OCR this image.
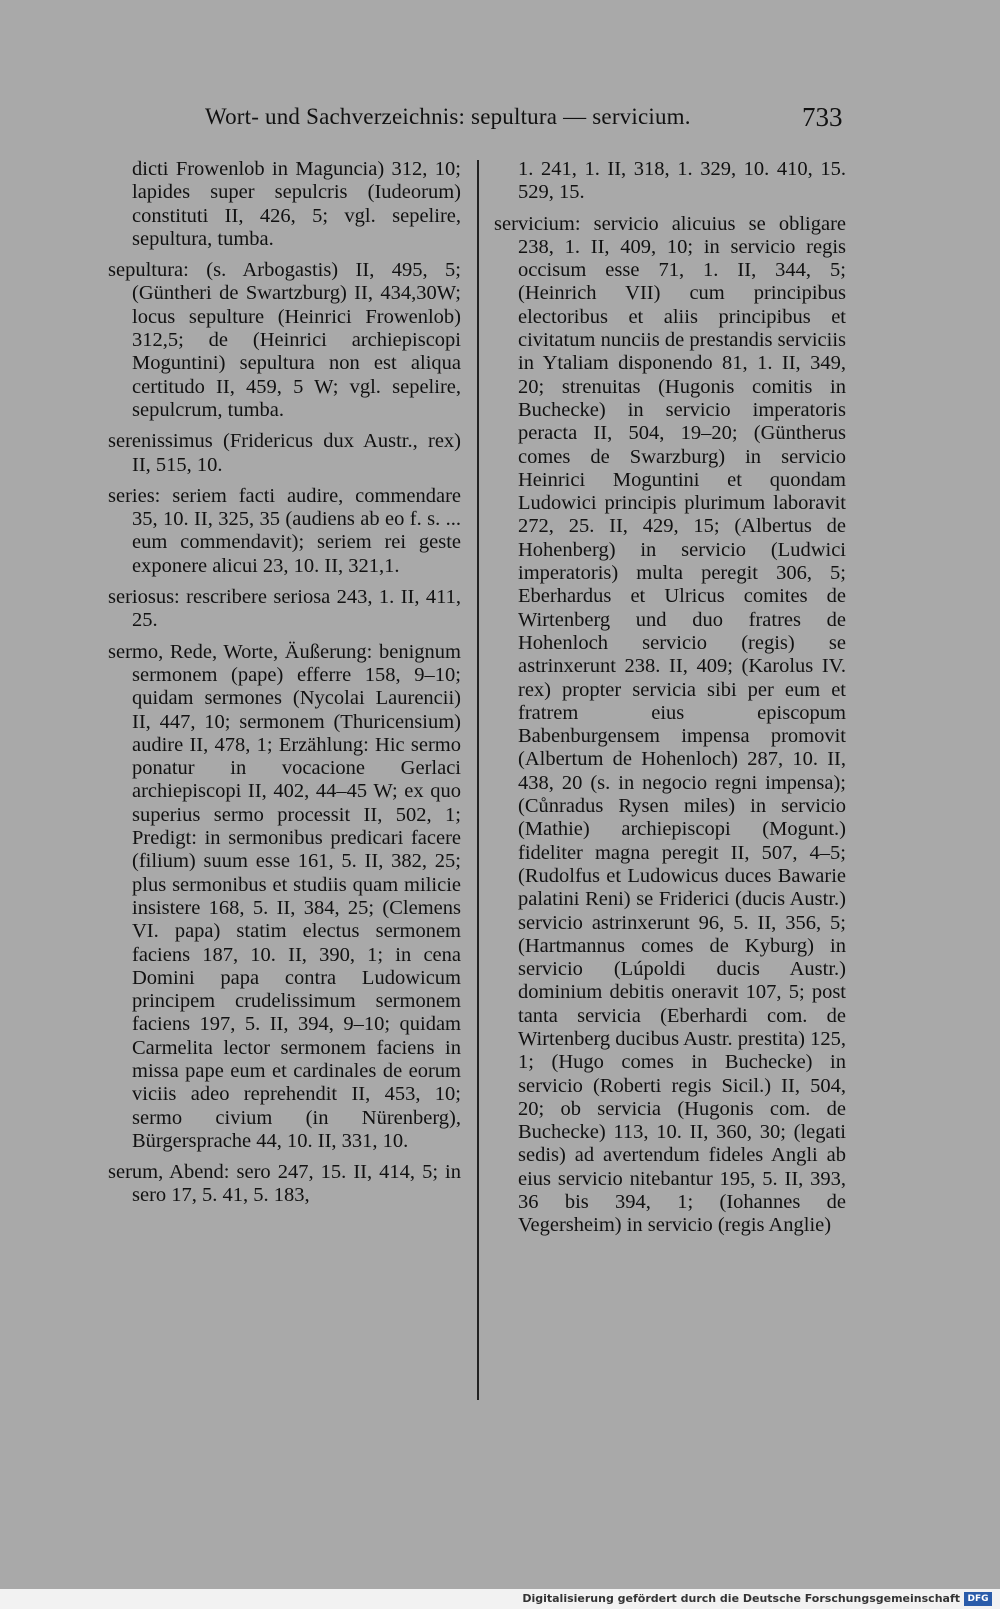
Wort- und Sachverzeichnis: sepultura — servicium.	733

dicti Frowenlob in Maguncia) 312, 10; lapides super sepulcris (Iudeorum) constituti II, 426, 5; vgl. sepelire, sepultura, tumba.

sepultura: (s. Arbogastis) II, 495, 5; (Güntheri de Swartzburg) II, 434,30W; locus sepulture (Heinrici Frowenlob) 312,5; de (Heinrici archiepiscopi Moguntini) sepultura non est aliqua certitudo II, 459, 5 W; vgl. sepelire, sepulcrum, tumba.

serenissimus (Fridericus dux Austr., rex) II, 515, 10.

series: seriem facti audire, commendare 35, 10. II, 325, 35 (audiens ab eo f. s. ... eum commendavit); seriem rei geste exponere alicui 23, 10. II, 321,1.

seriosus: rescribere seriosa 243, 1. II, 411, 25.

sermo, Rede, Worte, Äußerung: benignum sermonem (pape) efferre 158, 9–10; quidam sermones (Nycolai Laurencii) II, 447, 10; sermonem (Thuricensium) audire II, 478, 1; Erzählung: Hic sermo ponatur in vocacione Gerlaci archiepiscopi II, 402, 44–45 W; ex quo superius sermo processit II, 502, 1; Predigt: in sermonibus predicari facere (filium) suum esse 161, 5. II, 382, 25; plus sermonibus et studiis quam milicie insistere 168, 5. II, 384, 25; (Clemens VI. papa) statim electus sermonem faciens 187, 10. II, 390, 1; in cena Domini papa contra Ludowicum principem crudelissimum sermonem faciens 197, 5. II, 394, 9–10; quidam Carmelita lector sermonem faciens in missa pape eum et cardinales de eorum viciis adeo reprehendit II, 453, 10; sermo civium (in Nürenberg), Bürgersprache 44, 10. II, 331, 10.

serum, Abend: sero 247, 15. II, 414, 5; in sero 17, 5. 41, 5. 183,

1. 241, 1. II, 318, 1. 329, 10. 410, 15. 529, 15.

servicium: servicio alicuius se obligare 238, 1. II, 409, 10; in servicio regis occisum esse 71, 1. II, 344, 5; (Heinrich VII) cum principibus electoribus et aliis principibus et civitatum nunciis de prestandis serviciis in Ytaliam disponendo 81, 1. II, 349, 20; strenuitas (Hugonis comitis in Buchecke) in servicio imperatoris peracta II, 504, 19–20; (Güntherus comes de Swarzburg) in servicio Heinrici Moguntini et quondam Ludowici principis plurimum laboravit 272, 25. II, 429, 15; (Albertus de Hohenberg) in servicio (Ludwici imperatoris) multa peregit 306, 5; Eberhardus et Ulricus comites de Wirtenberg und duo fratres de Hohenloch servicio (regis) se astrinxerunt 238. II, 409; (Karolus IV. rex) propter servicia sibi per eum et fratrem eius episcopum Babenburgensem impensa promovit (Albertum de Hohenloch) 287, 10. II, 438, 20 (s. in negocio regni impensa); (Cůnradus Rysen miles) in servicio (Mathie) archiepiscopi (Mogunt.) fideliter magna peregit II, 507, 4–5; (Rudolfus et Ludowicus duces Bawarie palatini Reni) se Friderici (ducis Austr.) servicio astrinxerunt 96, 5. II, 356, 5; (Hartmannus comes de Kyburg) in servicio (Lúpoldi ducis Austr.) dominium debitis oneravit 107, 5; post tanta servicia (Eberhardi com. de Wirtenberg ducibus Austr. prestita) 125, 1; (Hugo comes in Buchecke) in servicio (Roberti regis Sicil.) II, 504, 20; ob servicia (Hugonis com. de Buchecke) 113, 10. II, 360, 30; (legati sedis) ad avertendum fideles Angli ab eius servicio nitebantur 195, 5. II, 393, 36 bis 394, 1; (Iohannes de Vegersheim) in servicio (regis Anglie)

Digitalisierung gefördert durch die Deutsche Forschungsgemeinschaft DFG
